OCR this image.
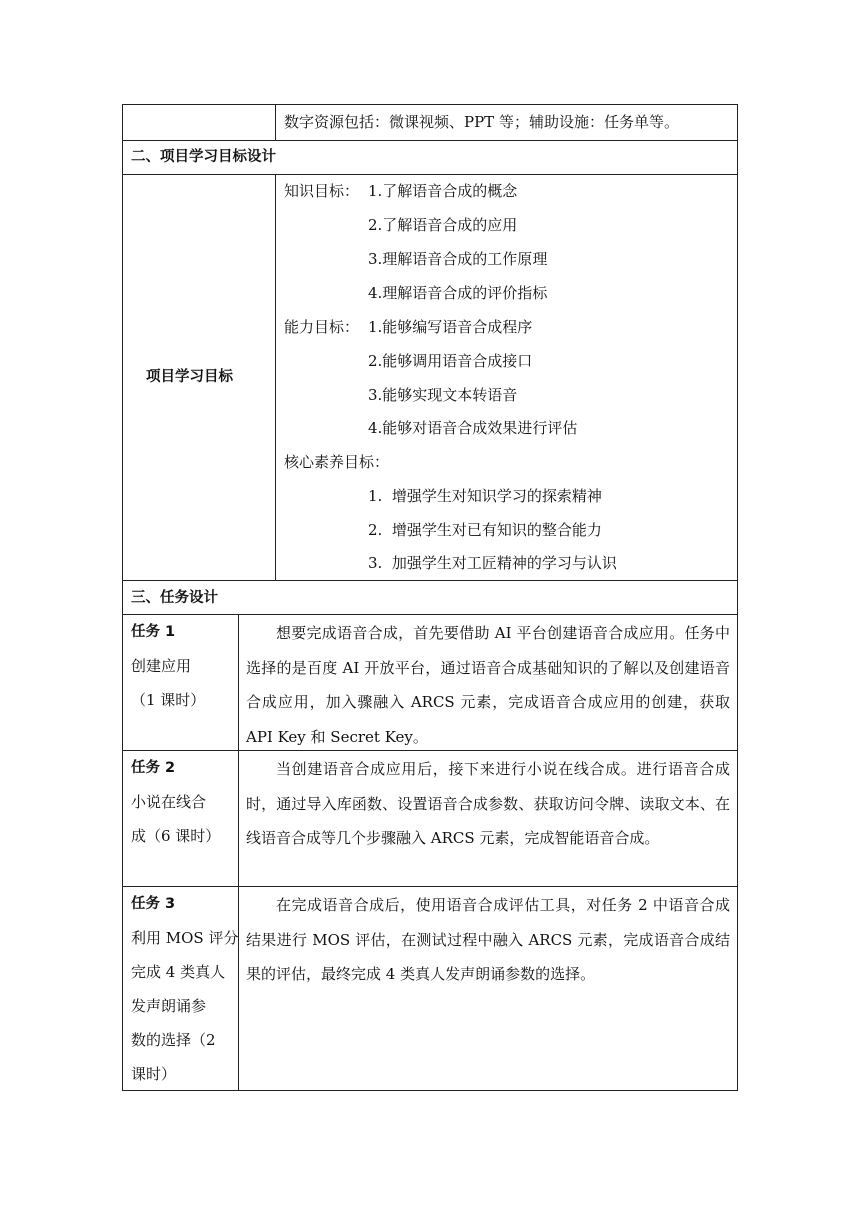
数字资源包括：微课视频、PPT 等；辅助设施：任务单等。
二、项目学习目标设计
项目学习目标
知识目标： 1.了解语音合成的概念
2.了解语音合成的应用
3.理解语音合成的工作原理
4.理解语音合成的评价指标
能力目标： 1.能够编写语音合成程序
2.能够调用语音合成接口
3.能够实现文本转语音
4.能够对语音合成效果进行评估
核心素养目标：
1.  增强学生对知识学习的探索精神
2.  增强学生对已有知识的整合能力
3.  加强学生对工匠精神的学习与认识
三、任务设计
任务 1
创建应用
（1 课时）
想要完成语音合成，首先要借助 AI 平台创建语音合成应用。任务中选择的是百度 AI 开放平台，通过语音合成基础知识的了解以及创建语音合成应用，加入骤融入 ARCS 元素，完成语音合成应用的创建，获取 API Key 和 Secret Key。
任务 2
小说在线合
成（6 课时）
当创建语音合成应用后，接下来进行小说在线合成。进行语音合成时，通过导入库函数、设置语音合成参数、获取访问令牌、读取文本、在线语音合成等几个步骤融入 ARCS 元素，完成智能语音合成。
任务 3
利用 MOS 评分
完成 4 类真人
发声朗诵参
数的选择（2
课时）
在完成语音合成后，使用语音合成评估工具，对任务 2 中语音合成结果进行 MOS 评估，在测试过程中融入 ARCS 元素，完成语音合成结果的评估，最终完成 4 类真人发声朗诵参数的选择。
